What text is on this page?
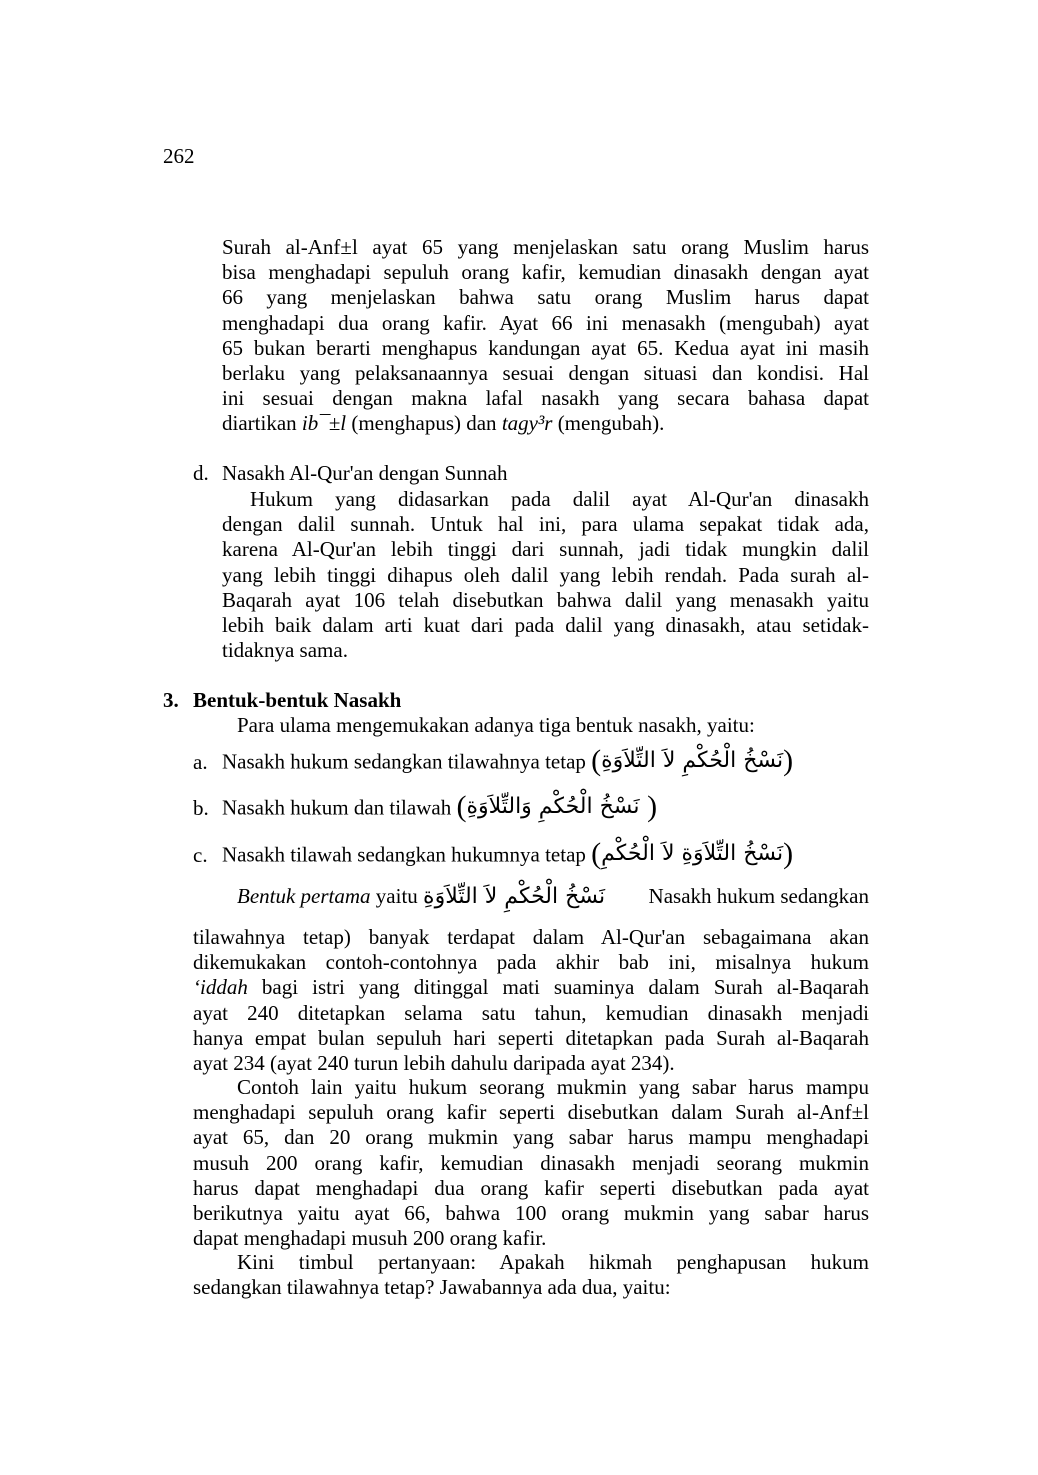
262
Surah al-Anf±l ayat 65 yang menjelaskan satu orang Muslim harus
bisa menghadapi sepuluh orang kafir, kemudian dinasakh dengan ayat
66 yang menjelaskan bahwa satu orang Muslim harus dapat
menghadapi dua orang kafir. Ayat 66 ini menasakh (mengubah) ayat
65 bukan berarti menghapus kandungan ayat 65. Kedua ayat ini masih
berlaku yang pelaksanaannya sesuai dengan situasi dan kondisi. Hal
ini sesuai dengan makna lafal nasakh yang secara bahasa dapat
diartikan ib¯±l (menghapus) dan tagy³r (mengubah).
d. Nasakh Al-Qur'an dengan Sunnah
Hukum yang didasarkan pada dalil ayat Al-Qur'an dinasakh
dengan dalil sunnah. Untuk hal ini, para ulama sepakat tidak ada,
karena Al-Qur'an lebih tinggi dari sunnah, jadi tidak mungkin dalil
yang lebih tinggi dihapus oleh dalil yang lebih rendah. Pada surah al-
Baqarah ayat 106 telah disebutkan bahwa dalil yang menasakh yaitu
lebih baik dalam arti kuat dari pada dalil yang dinasakh, atau setidak-
tidaknya sama.
3. Bentuk-bentuk Nasakh
Para ulama mengemukakan adanya tiga bentuk nasakh, yaitu:
a. Nasakh hukum sedangkan tilawahnya tetap (نَسْخُ الْحُكْمِ لاَ التِّلاَوَةِ)
b. Nasakh hukum dan tilawah (نَسْخُ الْحُكْمِ وَالتِّلاَوَةِ )
c. Nasakh tilawah sedangkan hukumnya tetap (نَسْخُ التِّلاَوَةِ لاَ الْحُكْمِ)
Bentuk pertama yaitu نَسْخُ الْحُكْمِ لاَ التِّلاَوَةِ Nasakh hukum sedangkan
tilawahnya tetap) banyak terdapat dalam Al-Qur'an sebagaimana akan
dikemukakan contoh-contohnya pada akhir bab ini, misalnya hukum
‘iddah bagi istri yang ditinggal mati suaminya dalam Surah al-Baqarah
ayat 240 ditetapkan selama satu tahun, kemudian dinasakh menjadi
hanya empat bulan sepuluh hari seperti ditetapkan pada Surah al-Baqarah
ayat 234 (ayat 240 turun lebih dahulu daripada ayat 234).
Contoh lain yaitu hukum seorang mukmin yang sabar harus mampu
menghadapi sepuluh orang kafir seperti disebutkan dalam Surah al-Anf±l
ayat 65, dan 20 orang mukmin yang sabar harus mampu menghadapi
musuh 200 orang kafir, kemudian dinasakh menjadi seorang mukmin
harus dapat menghadapi dua orang kafir seperti disebutkan pada ayat
berikutnya yaitu ayat 66, bahwa 100 orang mukmin yang sabar harus
dapat menghadapi musuh 200 orang kafir.
Kini timbul pertanyaan: Apakah hikmah penghapusan hukum
sedangkan tilawahnya tetap? Jawabannya ada dua, yaitu:
